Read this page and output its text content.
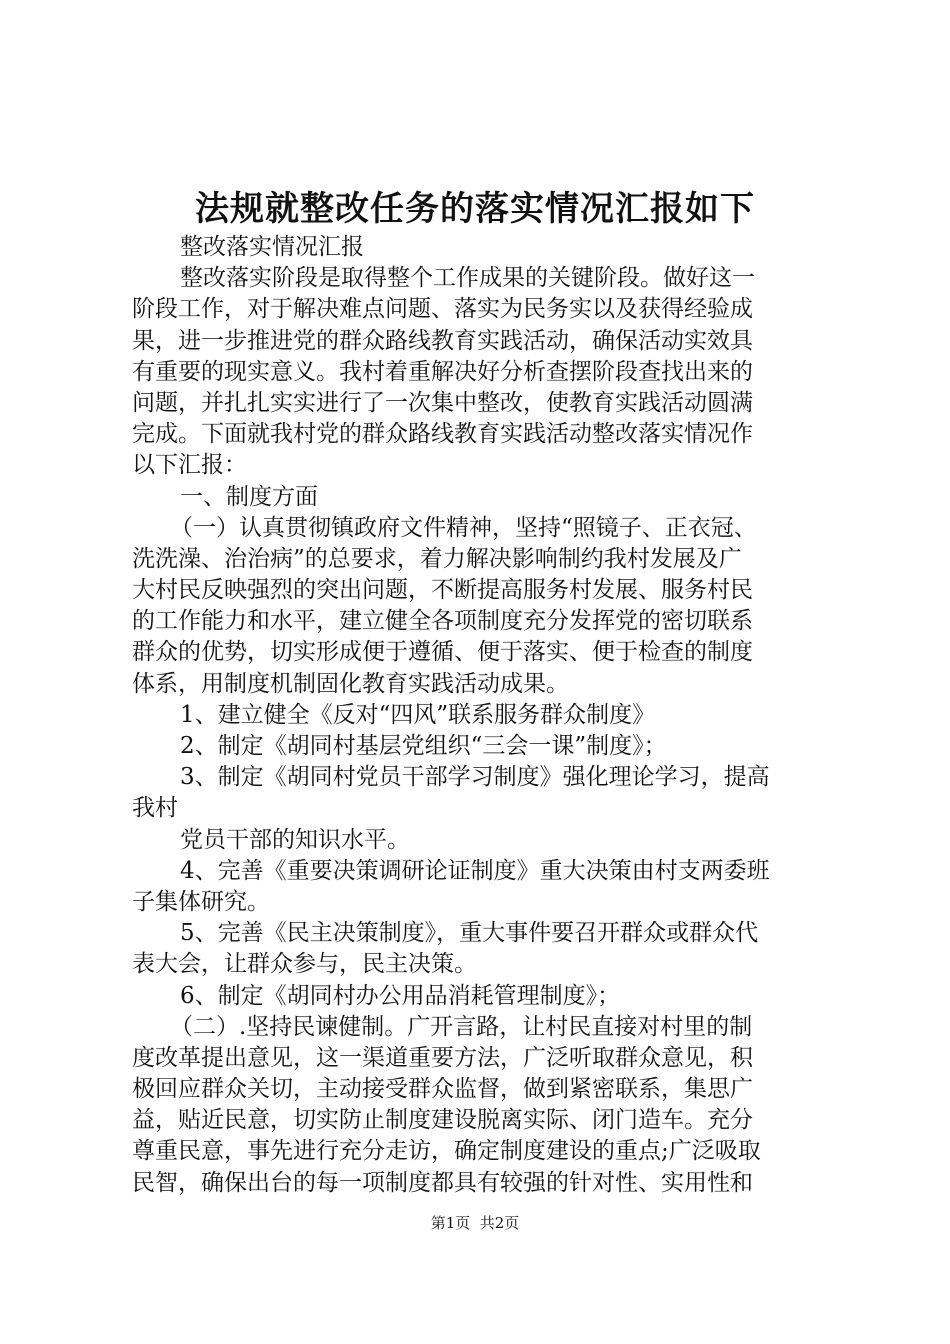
法规就整改任务的落实情况汇报如下
整改落实情况汇报
整改落实阶段是取得整个工作成果的关键阶段。做好这一
阶段工作，对于解决难点问题、落实为民务实以及获得经验成
果，进一步推进党的群众路线教育实践活动，确保活动实效具
有重要的现实意义。我村着重解决好分析查摆阶段查找出来的
问题，并扎扎实实进行了一次集中整改，使教育实践活动圆满
完成。下面就我村党的群众路线教育实践活动整改落实情况作
以下汇报：
一、制度方面
（一）认真贯彻镇政府文件精神，坚持“照镜子、正衣冠、
洗洗澡、治治病”的总要求，着力解决影响制约我村发展及广
大村民反映强烈的突出问题，不断提高服务村发展、服务村民
的工作能力和水平，建立健全各项制度充分发挥党的密切联系
群众的优势，切实形成便于遵循、便于落实、便于检查的制度
体系，用制度机制固化教育实践活动成果。
1、建立健全《反对“四风”联系服务群众制度》
2、制定《胡同村基层党组织“三会一课”制度》；
3、制定《胡同村党员干部学习制度》强化理论学习，提高
我村
党员干部的知识水平。
4、完善《重要决策调研论证制度》重大决策由村支两委班
子集体研究。
5、完善《民主决策制度》，重大事件要召开群众或群众代
表大会，让群众参与，民主决策。
6、制定《胡同村办公用品消耗管理制度》；
（二）.坚持民谏健制。广开言路，让村民直接对村里的制
度改革提出意见，这一渠道重要方法，广泛听取群众意见，积
极回应群众关切，主动接受群众监督，做到紧密联系，集思广
益，贴近民意，切实防止制度建设脱离实际、闭门造车。充分
尊重民意，事先进行充分走访，确定制度建设的重点;广泛吸取
民智，确保出台的每一项制度都具有较强的针对性、实用性和
第1页  共2页
